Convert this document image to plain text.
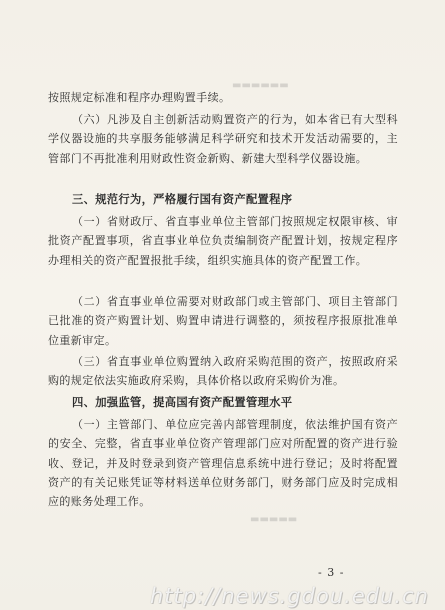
▬▬▬▬▬▬
▬▬▬▬▬

按照规定标准和程序办理购置手续。

（六）凡涉及自主创新活动购置资产的行为，如本省已有大型科学仪器设施的共享服务能够满足科学研究和技术开发活动需要的，主管部门不再批准利用财政性资金新购、新建大型科学仪器设施。

三、规范行为，严格履行国有资产配置程序

（一）省财政厅、省直事业单位主管部门按照规定权限审核、审批资产配置事项，省直事业单位负责编制资产配置计划，按规定程序办理相关的资产配置报批手续，组织实施具体的资产配置工作。

（二）省直事业单位需要对财政部门或主管部门、项目主管部门已批准的资产购置计划、购置申请进行调整的，须按程序报原批准单位重新审定。

（三）省直事业单位购置纳入政府采购范围的资产，按照政府采购的规定依法实施政府采购，具体价格以政府采购价为准。

四、加强监管，提高国有资产配置管理水平

（一）主管部门、单位应完善内部管理制度，依法维护国有资产的安全、完整，省直事业单位资产管理部门应对所配置的资产进行验收、登记，并及时登录到资产管理信息系统中进行登记；及时将配置资产的有关记账凭证等材料送单位财务部门，财务部门应及时完成相应的账务处理工作。

- 3 -
http://news.gdou.edu.cn
